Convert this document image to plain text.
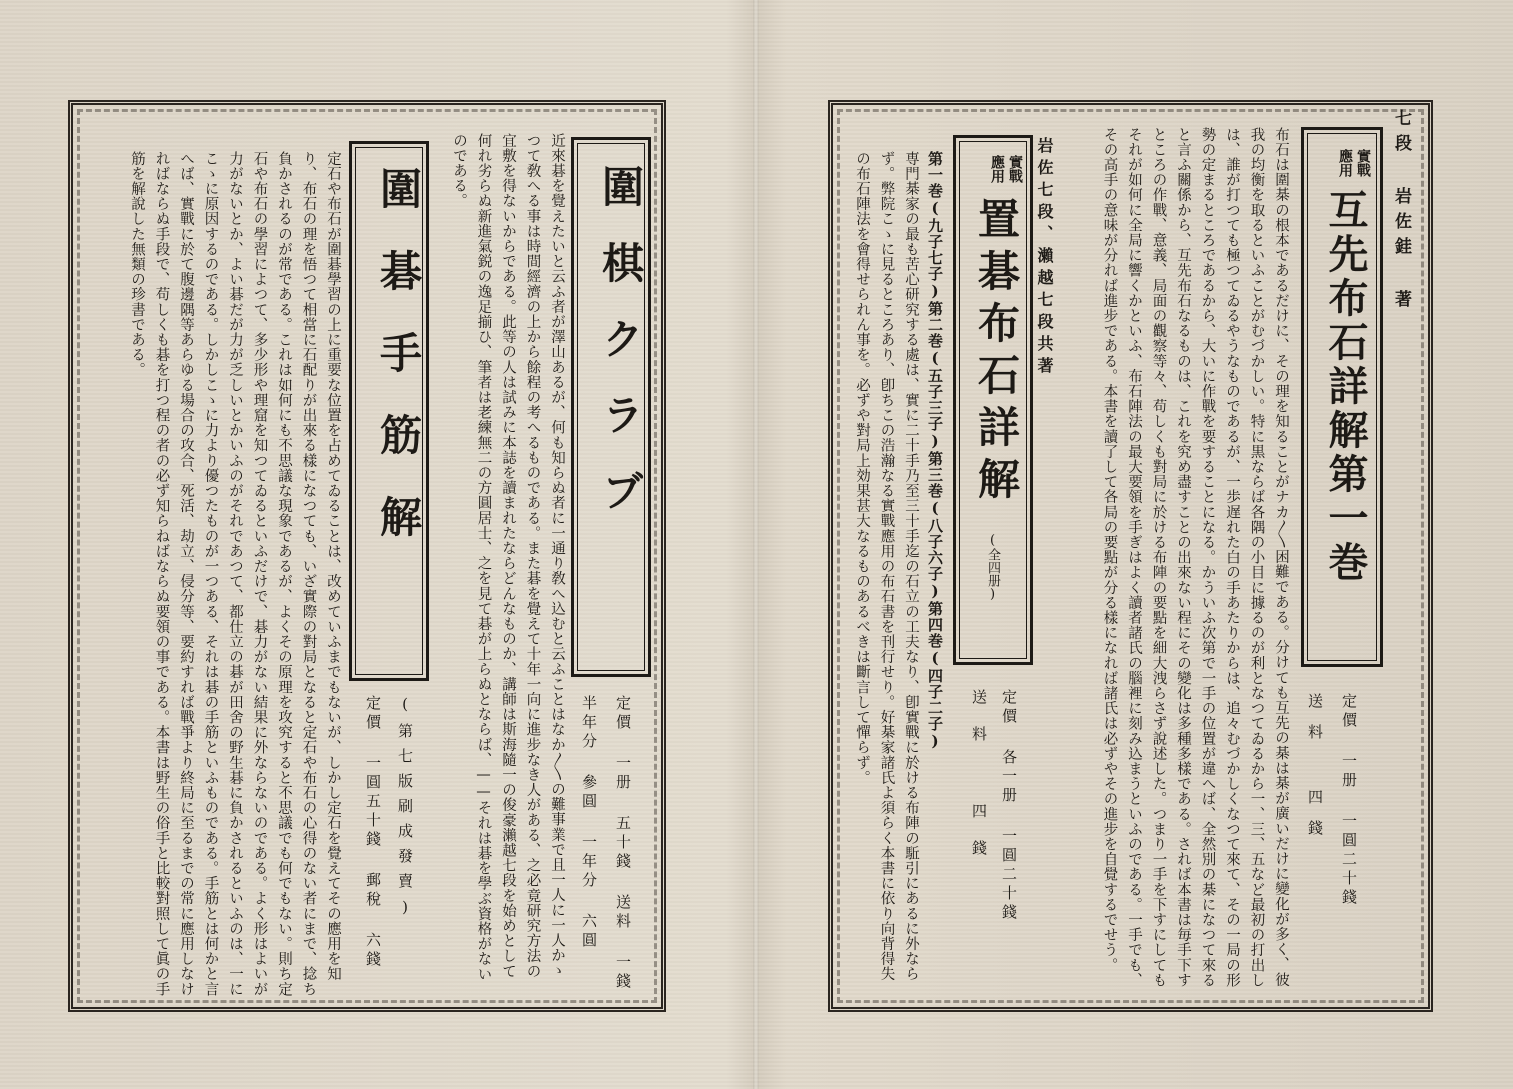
七段 岩佐銈 著
實戰
應用
互先布石詳解第一巻
定價 一册 一圓二十錢
送料 四錢
布石は圍棊の根本であるだけに、その理を知ることがナカ〳〵困難である。分けても互先の棊は棊が廣いだけに變化が多く、彼我の均衡を取るといふことがむづかしい。特に黒ならば各隅の小目に據るのが利となつてゐるから一、三、五など最初の打出しは、誰が打つても極つてゐるやうなものであるが、一歩遅れた白の手あたりからは、追々むづかしくなつて來て、その一局の形勢の定まるところであるから、大いに作戰を要することになる。かういふ次第で一手の位置が違へば、全然別の棊になつて來ると言ふ關係から、互先布石なるものは、これを究め盡すことの出來ない程にその變化は多種多樣である。されば本書は毎手下すところの作戰、意義、局面の觀察等々、苟しくも對局に於ける布陣の要點を細大洩らさず說述した。つまり一手を下すにしてもそれが如何に全局に響くかといふ、布石陣法の最大要領を手ぎはよく讀者諸氏の腦裡に刻み込まうといふのである。一手でも、その高手の意味が分れば進步である。本書を讀了して各局の要點が分る樣になれば諸氏は必ずやその進步を自覺するでせう。
岩佐七段、瀨越七段共著
實戰
應用
置碁布石詳解
(全四册)
定價 各一册 一圓二十錢
送料 四錢
第一巻(九子七子)第二巻(五子三子)第三巻(八子六子)第四巻(四子二子)
専門棊家の最も苦心研究する處は、實に二十手乃至三十手迄の石立の工夫なり、卽實戰に於ける布陣の駈引にあるに外ならず。弊院こゝに見るところあり、卽ちこの浩瀚なる實戰應用の布石書を刊行せり。好棊家諸氏よ須らく本書に依り向背得失の布石陣法を會得せられん事を。必ずや對局上効果甚大なるものあるべきは斷言して憚らず。
圍棋クラブ
定價 一册 五十錢 送料 一錢
半年分 參圓 一年分 六圓
近來碁を覺えたいと云ふ者が澤山あるが、何も知らぬ者に一通り敎へ込むと云ふことはなか〳〵の難事業で且一人に一人かゝつて敎へる事は時間經濟の上から餘程の考へるものである。また碁を覺えて十年一向に進步なき人がある、之必竟研究方法の宜敷を得ないからである。此等の人は試みに本誌を讀まれたならどんなものか、講師は斯海隨一の俊豪瀨越七段を始めとして何れ劣らぬ新進氣鋭の逸足揃ひ、筆者は老練無二の方圓居士、之を見て碁が上らぬとならば、——それは碁を學ぶ資格がないのである。
圍碁手筋解
(第七版刷成發賣)
定價 一圓五十錢 郵稅 六錢
定石や布石が圍碁學習の上に重要な位置を占めてゐることは、改めていふまでもないが、しかし定石を覺えてその應用を知り、布石の理を悟つて相當に石配りが出來る樣になつても、いざ實際の對局となると定石や布石の心得のない者にまで、捻ち負かされるのが常である。これは如何にも不思議な現象であるが、よくその原理を攻究すると不思議でも何でもない。則ち定石や布石の學習によつて、多少形や理窟を知つてゐるといふだけで、碁力がない結果に外ならないのである。よく形はよいが力がないとか、よい碁だが力が乏しいとかいふのがそれであつて、都仕立の碁が田舍の野生碁に負かされるといふのは、一にこゝに原因するのである。しかしこゝに力より優つたものが一つある、それは碁の手筋といふものである。手筋とは何かと言へば、實戰に於て腹邊隅等あらゆる場合の攻合、死活、劫立、侵分等、要約すれば戰爭より終局に至るまでの常に應用しなければならぬ手段で、苟しくも碁を打つ程の者の必ず知らねばならぬ要領の事である。本書は野生の俗手と比較對照して眞の手筋を解說した無類の珍書である。
